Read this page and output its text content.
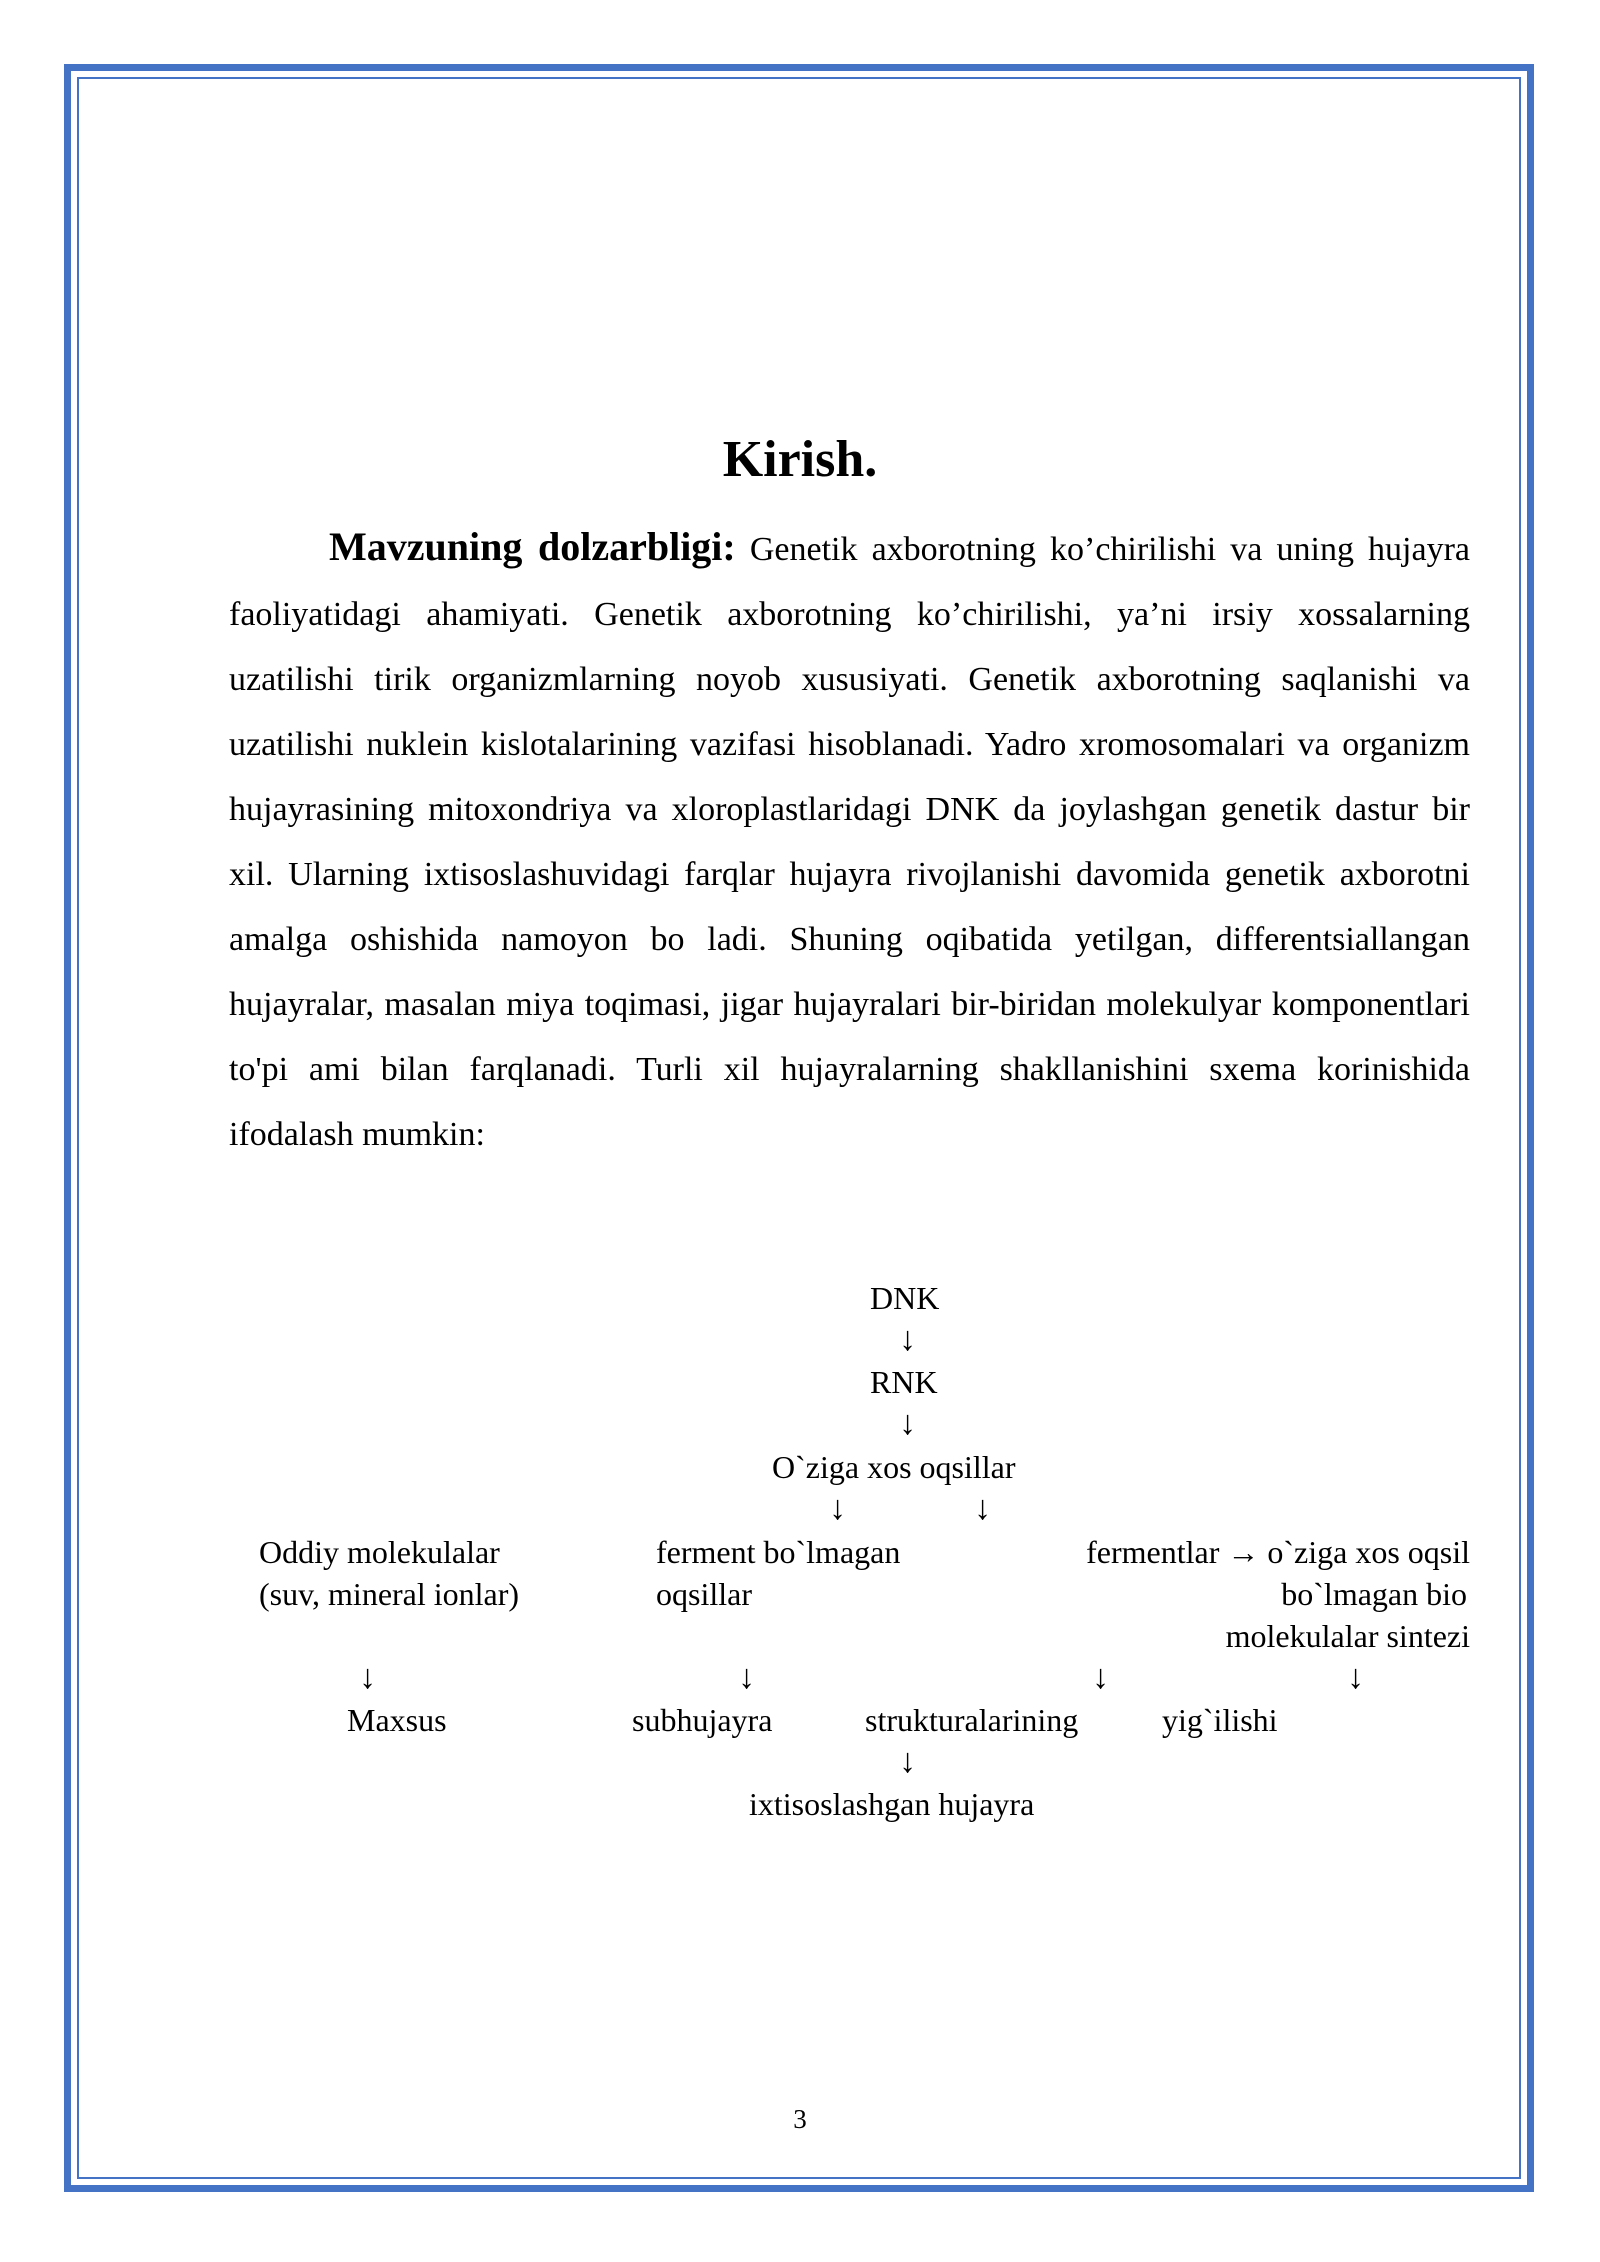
Kirish.

Mavzuning dolzarbligi: Genetik axborotning ko’chirilishi va uning hujayra faoliyatidagi ahamiyati. Genetik axborotning ko’chirilishi, ya’ni irsiy xossalarning uzatilishi tirik organizmlarning noyob xususiyati. Genetik axborotning saqlanishi va uzatilishi nuklein kislotalarining vazifasi hisoblanadi. Yadro xromosomalari va organizm hujayrasining mitoxondriya va xloroplastlaridagi DNK da joylashgan genetik dastur bir xil. Ularning ixtisoslashuvidagi farqlar hujayra rivojlanishi davomida genetik axborotni amalga oshishida namoyon bo ladi. Shuning oqibatida yetilgan, differentsiallangan hujayralar, masalan miya toqimasi, jigar hujayralari bir-biridan molekulyar komponentlari to'pi ami bilan farqlanadi. Turli xil hujayralarning shakllanishini sxema korinishida ifodalash mumkin:

DNK
↓
RNK
↓
O`ziga xos oqsillar
↓	↓
Oddiy molekulalar
(suv, mineral ionlar)
ferment bo`lmagan
oqsillar
fermentlar → o`ziga xos oqsil
bo`lmagan bio
molekulalar sintezi
↓	↓	↓	↓
Maxsus	subhujayra	strukturalarining	yig`ilishi
↓
ixtisoslashgan hujayra
3
